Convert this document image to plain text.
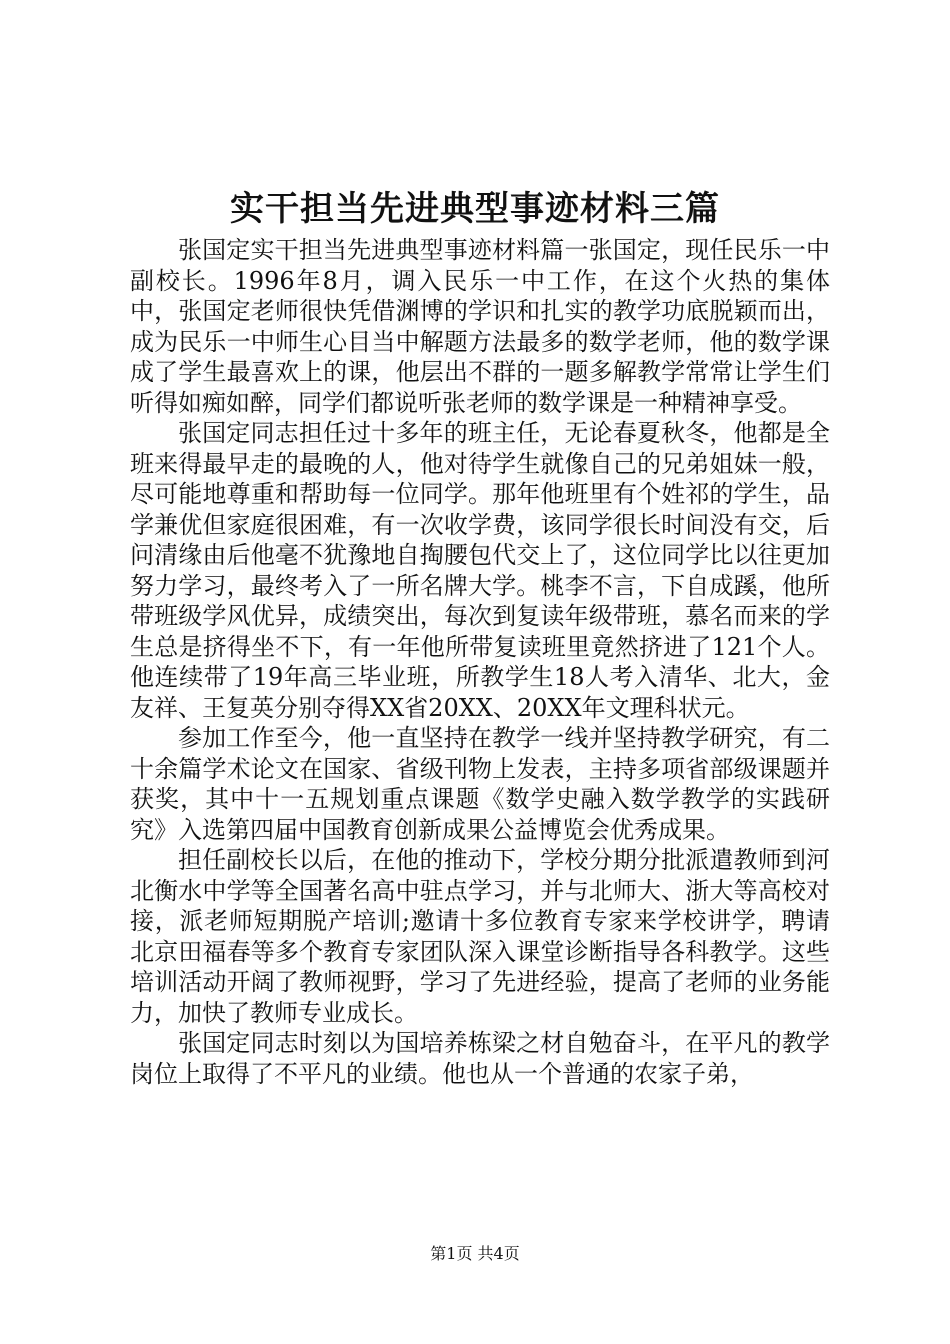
实干担当先进典型事迹材料三篇

张国定实干担当先进典型事迹材料篇一张国定，现任民乐一中副校长。1996年8月，调入民乐一中工作，在这个火热的集体中，张国定老师很快凭借渊博的学识和扎实的教学功底脱颖而出，成为民乐一中师生心目当中解题方法最多的数学老师，他的数学课成了学生最喜欢上的课，他层出不群的一题多解教学常常让学生们听得如痴如醉，同学们都说听张老师的数学课是一种精神享受。

张国定同志担任过十多年的班主任，无论春夏秋冬，他都是全班来得最早走的最晚的人，他对待学生就像自己的兄弟姐妹一般，尽可能地尊重和帮助每一位同学。那年他班里有个姓祁的学生，品学兼优但家庭很困难，有一次收学费，该同学很长时间没有交，后问清缘由后他毫不犹豫地自掏腰包代交上了，这位同学比以往更加努力学习，最终考入了一所名牌大学。桃李不言，下自成蹊，他所带班级学风优异，成绩突出，每次到复读年级带班，慕名而来的学生总是挤得坐不下，有一年他所带复读班里竟然挤进了121个人。他连续带了19年高三毕业班，所教学生18人考入清华、北大，金友祥、王复英分别夺得XX省20XX、20XX年文理科状元。

参加工作至今，他一直坚持在教学一线并坚持教学研究，有二十余篇学术论文在国家、省级刊物上发表，主持多项省部级课题并获奖，其中十一五规划重点课题《数学史融入数学教学的实践研究》入选第四届中国教育创新成果公益博览会优秀成果。

担任副校长以后，在他的推动下，学校分期分批派遣教师到河北衡水中学等全国著名高中驻点学习，并与北师大、浙大等高校对接，派老师短期脱产培训;邀请十多位教育专家来学校讲学，聘请北京田福春等多个教育专家团队深入课堂诊断指导各科教学。这些培训活动开阔了教师视野，学习了先进经验，提高了老师的业务能力，加快了教师专业成长。

张国定同志时刻以为国培养栋梁之材自勉奋斗，在平凡的教学岗位上取得了不平凡的业绩。他也从一个普通的农家子弟，

第1页 共4页
